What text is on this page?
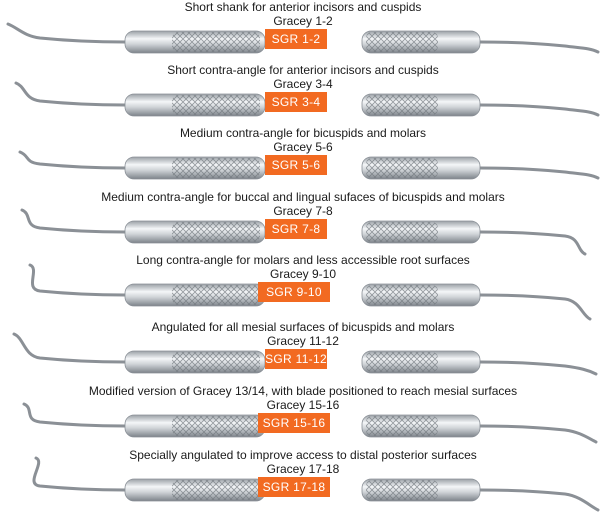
Short shank for anterior incisors and cuspids
Gracey 1-2
SGR 1-2
Short contra-angle for anterior incisors and cuspids
Gracey 3-4
SGR 3-4
Medium contra-angle for bicuspids and molars
Gracey 5-6
SGR 5-6
Medium contra-angle for buccal and lingual sufaces of bicuspids and molars
Gracey 7-8
SGR 7-8
Long contra-angle for molars and less accessible root surfaces
Gracey 9-10
SGR 9-10
Angulated for all mesial surfaces of bicuspids and molars
Gracey 11-12
SGR 11-12
Modified version of Gracey 13/14, with blade positioned to reach mesial surfaces
Gracey 15-16
SGR 15-16
Specially angulated to improve access to distal posterior surfaces
Gracey 17-18
SGR 17-18
